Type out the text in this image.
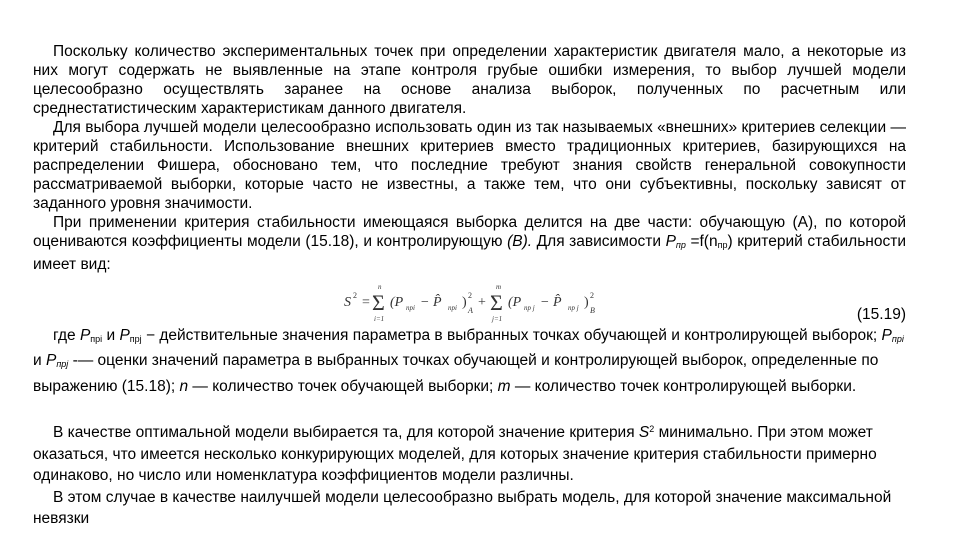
Поскольку количество экспериментальных точек при определении характеристик двигателя мало, а некоторые из них могут содержать не выявленные на этапе контроля грубые ошибки измерения, то выбор лучшей модели целесообразно осуществлять заранее на основе анализа выборок, полученных по расчетным или среднестатистическим характеристикам данного двигателя.

Для выбора лучшей модели целесообразно использовать один из так называемых «внешних» критериев селекции — критерий стабильности. Использование внешних критериев вместо традиционных критериев, базирующихся на распределении Фишера, обосновано тем, что последние требуют знания свойств генеральной совокупности рассматриваемой выборки, которые часто не известны, а также тем, что они субъективны, поскольку зависят от заданного уровня значимости.

При применении критерия стабильности имеющаяся выборка делится на две части: обучающую (А), по которой оцениваются коэффициенты модели (15.18), и контролирующую (В). Для зависимости $P_{пр} =f(n_{пр})$ критерий стабильности имеет вид:

S 2 =
n
Σ
i=1
(P прi − P̂ прi ) 2
A
+
m
Σ
j=1
(P пр j − P̂ пр j ) 2
B	(15.19)

где $P_{прi}$ и $P_{прj}$ − действительные значения параметра в выбранных точках обучающей и контролирующей выборок; $P_{прi}$ и $P_{прj}$ -— оценки значений параметра в выбранных точках обучающей и контролирующей выборок, определенные по выражению (15.18); n — количество точек обучающей выборки; m — количество точек контролирующей выборки.

В качестве оптимальной модели выбирается та, для которой значение критерия $S^2$ минимально. При этом может оказаться, что имеется несколько конкурирующих моделей, для которых значение критерия стабильности примерно одинаково, но число или номенклатура коэффициентов модели различны.

В этом случае в качестве наилучшей модели целесообразно выбрать модель, для которой значение максимальной невязки
